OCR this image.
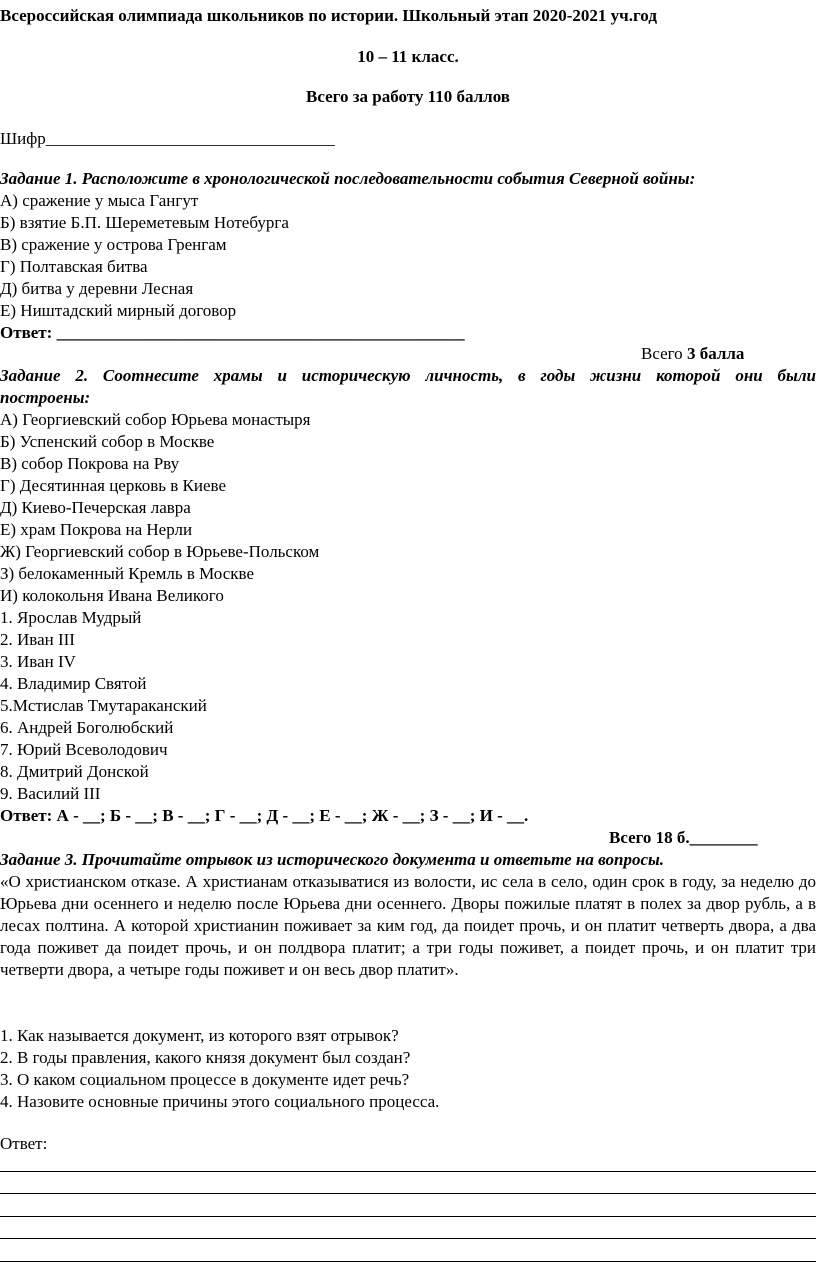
Всероссийская олимпиада школьников по истории. Школьный этап 2020-2021 уч.год
10 – 11 класс.
Всего за работу 110 баллов
Шифр__________________________________
Задание 1. Расположите в хронологической последовательности события Северной войны:
А) сражение у мыса Гангут
Б) взятие Б.П. Шереметевым Нотебурга
В) сражение у острова Гренгам
Г) Полтавская битва
Д) битва у деревни Лесная
Е) Ништадский мирный договор
Ответ: ________________________________________________
Всего 3 балла
Задание 2. Соотнесите храмы и историческую личность, в годы жизни которой они были
построены:
А) Георгиевский собор Юрьева монастыря
Б) Успенский собор в Москве
В) собор Покрова на Рву
Г) Десятинная церковь в Киеве
Д) Киево-Печерская лавра
Е) храм Покрова на Нерли
Ж) Георгиевский собор в Юрьеве-Польском
З) белокаменный Кремль в Москве
И) колокольня Ивана Великого
1. Ярослав Мудрый
2. Иван III
3. Иван IV
4. Владимир Святой
5.Мстислав Тмутараканский
6. Андрей Боголюбский
7. Юрий Всеволодович
8. Дмитрий Донской
9. Василий III
Ответ: А - __; Б - __; В - __; Г - __; Д - __; Е - __; Ж - __; З - __; И - __.
Всего 18 б.________
Задание 3. Прочитайте отрывок из исторического документа и ответьте на вопросы.
«О христианском отказе. А христианам отказыватися из волости, ис села в село, один срок в году, за неделю до Юрьева дни осеннего и неделю после Юрьева дни осеннего. Дворы пожилые платят в полех за двор рубль, а в лесах полтина. А которой христианин поживает за ким год, да поидет прочь, и он платит четверть двора, а два года поживет да поидет прочь, и он полдвора платит; а три годы поживет, а поидет прочь, и он платит три четверти двора, а четыре годы поживет и он весь двор платит».
1. Как называется документ, из которого взят отрывок?
2. В годы правления, какого князя документ был создан?
3. О каком социальном процессе в документе идет речь?
4. Назовите основные причины этого социального процесса.
Ответ:
